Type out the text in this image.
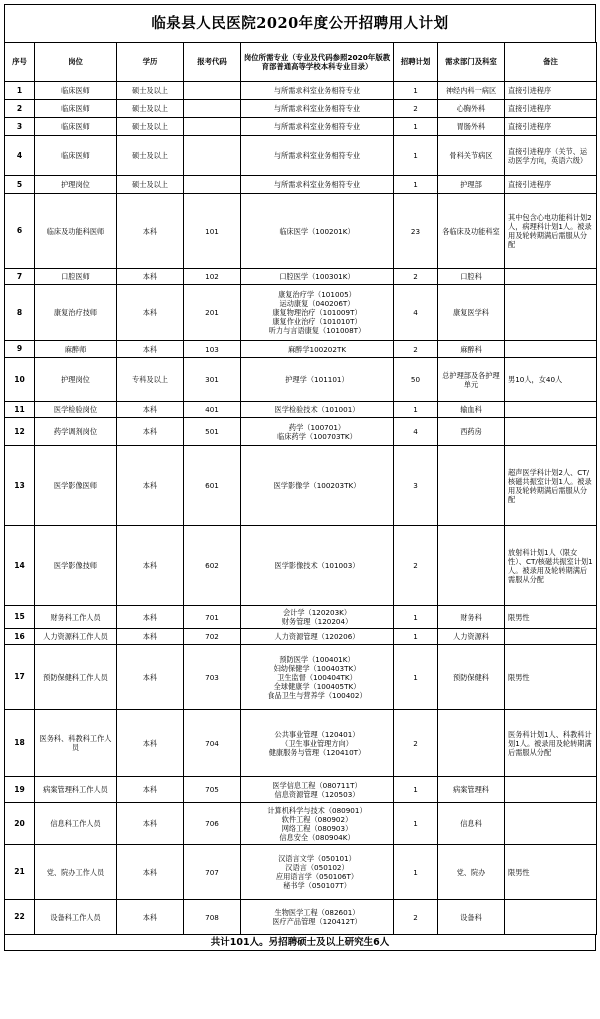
临泉县人民医院2020年度公开招聘用人计划
序号	岗位	学历	报考代码	岗位所需专业（专业及代码参照2020年版教育部普通高等学校本科专业目录）	招聘计划	需求部门及科室	备注
1	临床医师	硕士及以上		与所需求科室业务相符专业	1	神经内科一病区	直接引进程序
2	临床医师	硕士及以上		与所需求科室业务相符专业	2	心胸外科	直接引进程序
3	临床医师	硕士及以上		与所需求科室业务相符专业	1	胃肠外科	直接引进程序
4	临床医师	硕士及以上		与所需求科室业务相符专业	1	骨科关节病区	直接引进程序（关节、运动医学方向，英语六级）
5	护理岗位	硕士及以上		与所需求科室业务相符专业	1	护理部	直接引进程序
6	临床及功能科医师	本科	101	临床医学（100201K）	23	各临床及功能科室	其中包含心电功能科计划2人，病理科计划1人。被录用及轮转期满后需服从分配
7	口腔医师	本科	102	口腔医学（100301K）	2	口腔科	
8	康复治疗技师	本科	201	康复治疗学（101005）
运动康复（040206T）
康复物理治疗（101009T）
康复作业治疗（101010T）
听力与言语康复（101008T）	4	康复医学科	
9	麻醉师	本科	103	麻醉学100202TK	2	麻醉科	
10	护理岗位	专科及以上	301	护理学（101101）	50	总护理部及各护理单元	男10人，女40人
11	医学检验岗位	本科	401	医学检验技术（101001）	1	输血科	
12	药学调剂岗位	本科	501	药学（100701）
临床药学（100703TK）	4	西药房	
13	医学影像医师	本科	601	医学影像学（100203TK）	3		超声医学科计划2人、CT/核磁共振室计划1人。被录用及轮转期满后需服从分配
14	医学影像技师	本科	602	医学影像技术（101003）	2		放射科计划1人（限女性）、CT/核磁共振室计划1人。被录用及轮转期满后需服从分配
15	财务科工作人员	本科	701	会计学（120203K）
财务管理（120204）	1	财务科	限男性
16	人力资源科工作人员	本科	702	人力资源管理（120206）	1	人力资源科	
17	预防保健科工作人员	本科	703	预防医学（100401K）
妇幼保健学（100403TK）
卫生监督（100404TK）
全球健康学（100405TK）
食品卫生与营养学（100402）	1	预防保健科	限男性
18	医务科、科教科工作人员	本科	704	公共事业管理（120401）
（卫生事业管理方向）
健康服务与管理（120410T）	2		医务科计划1人、科教科计划1人。被录用及轮转期满后需服从分配
19	病案管理科工作人员	本科	705	医学信息工程（080711T）
信息资源管理（120503）	1	病案管理科	
20	信息科工作人员	本科	706	计算机科学与技术（080901）
软件工程（080902）
网络工程（080903）
信息安全（080904K）	1	信息科	
21	党、院办工作人员	本科	707	汉语言文学（050101）
汉语言（050102）
应用语言学（050106T）
秘书学（050107T）	1	党、院办	限男性
22	设备科工作人员	本科	708	生物医学工程（082601）
医疗产品管理（120412T）	2	设备科	
共计101人。另招聘硕士及以上研究生6人
